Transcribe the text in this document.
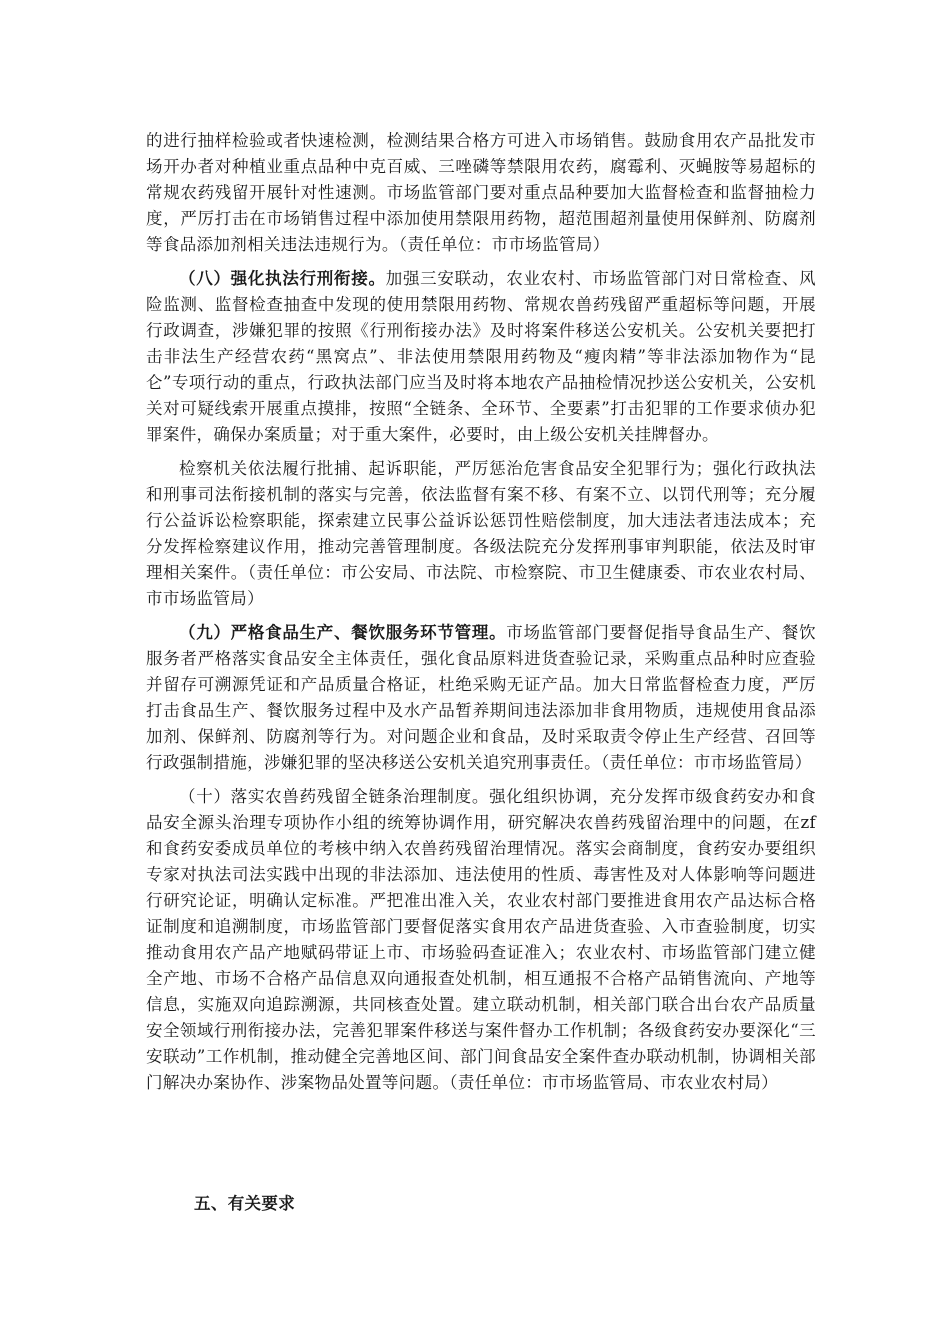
的进行抽样检验或者快速检测，检测结果合格方可进入市场销售。鼓励食用农产品批发市场开办者对种植业重点品种中克百威、三唑磷等禁限用农药，腐霉利、灭蝇胺等易超标的常规农药残留开展针对性速测。市场监管部门要对重点品种要加大监督检查和监督抽检力度，严厉打击在市场销售过程中添加使用禁限用药物，超范围超剂量使用保鲜剂、防腐剂等食品添加剂相关违法违规行为。（责任单位：市市场监管局）

（八）强化执法行刑衔接。加强三安联动，农业农村、市场监管部门对日常检查、风险监测、监督检查抽查中发现的使用禁限用药物、常规农兽药残留严重超标等问题，开展行政调查，涉嫌犯罪的按照《行刑衔接办法》及时将案件移送公安机关。公安机关要把打击非法生产经营农药“黑窝点”、非法使用禁限用药物及“瘦肉精”等非法添加物作为“昆仑”专项行动的重点，行政执法部门应当及时将本地农产品抽检情况抄送公安机关，公安机关对可疑线索开展重点摸排，按照“全链条、全环节、全要素”打击犯罪的工作要求侦办犯罪案件，确保办案质量；对于重大案件，必要时，由上级公安机关挂牌督办。

检察机关依法履行批捕、起诉职能，严厉惩治危害食品安全犯罪行为；强化行政执法和刑事司法衔接机制的落实与完善，依法监督有案不移、有案不立、以罚代刑等；充分履行公益诉讼检察职能，探索建立民事公益诉讼惩罚性赔偿制度，加大违法者违法成本；充分发挥检察建议作用，推动完善管理制度。各级法院充分发挥刑事审判职能，依法及时审理相关案件。（责任单位：市公安局、市法院、市检察院、市卫生健康委、市农业农村局、市市场监管局）

（九）严格食品生产、餐饮服务环节管理。市场监管部门要督促指导食品生产、餐饮服务者严格落实食品安全主体责任，强化食品原料进货查验记录，采购重点品种时应查验并留存可溯源凭证和产品质量合格证，杜绝采购无证产品。加大日常监督检查力度，严厉打击食品生产、餐饮服务过程中及水产品暂养期间违法添加非食用物质，违规使用食品添加剂、保鲜剂、防腐剂等行为。对问题企业和食品，及时采取责令停止生产经营、召回等行政强制措施，涉嫌犯罪的坚决移送公安机关追究刑事责任。（责任单位：市市场监管局）

（十）落实农兽药残留全链条治理制度。强化组织协调，充分发挥市级食药安办和食品安全源头治理专项协作小组的统筹协调作用，研究解决农兽药残留治理中的问题，在zf和食药安委成员单位的考核中纳入农兽药残留治理情况。落实会商制度，食药安办要组织专家对执法司法实践中出现的非法添加、违法使用的性质、毒害性及对人体影响等问题进行研究论证，明确认定标准。严把准出准入关，农业农村部门要推进食用农产品达标合格证制度和追溯制度，市场监管部门要督促落实食用农产品进货查验、入市查验制度，切实推动食用农产品产地赋码带证上市、市场验码查证准入；农业农村、市场监管部门建立健全产地、市场不合格产品信息双向通报查处机制，相互通报不合格产品销售流向、产地等信息，实施双向追踪溯源，共同核查处置。建立联动机制，相关部门联合出台农产品质量安全领域行刑衔接办法，完善犯罪案件移送与案件督办工作机制；各级食药安办要深化“三安联动”工作机制，推动健全完善地区间、部门间食品安全案件查办联动机制，协调相关部门解决办案协作、涉案物品处置等问题。（责任单位：市市场监管局、市农业农村局）

五、有关要求
